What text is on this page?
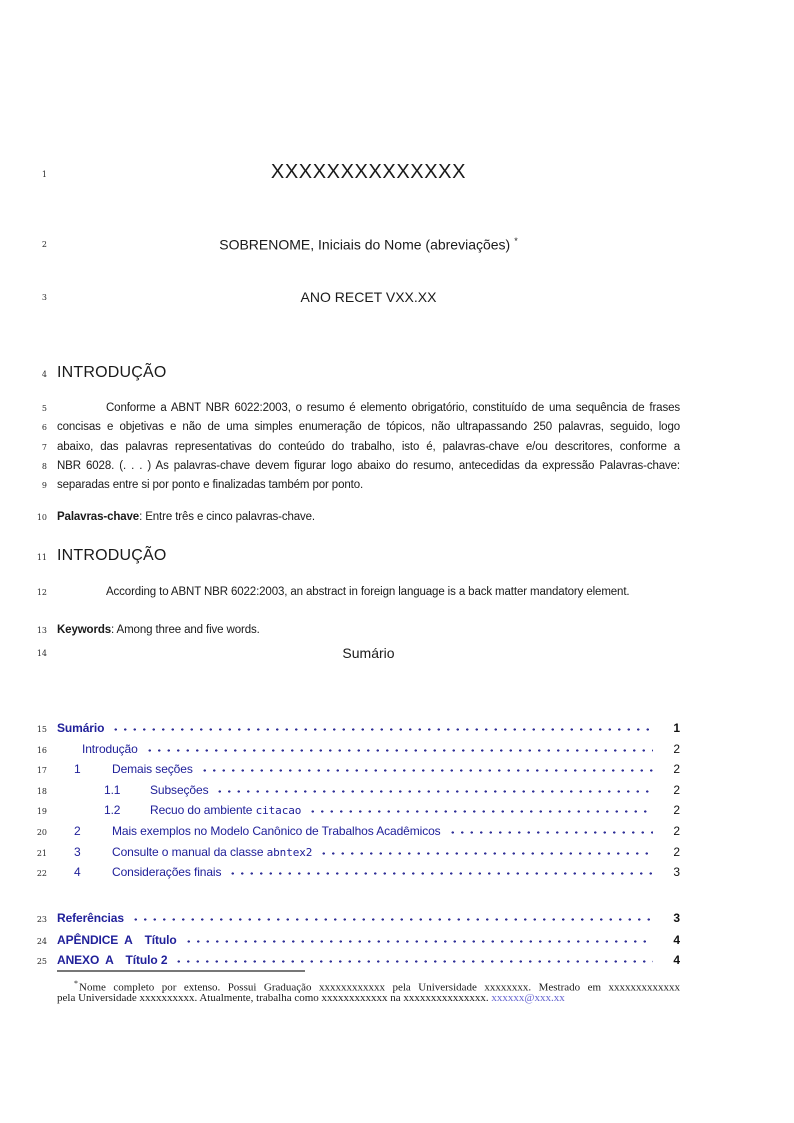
1	XXXXXXXXXXXXXX
2	SOBRENOME, Iniciais do Nome (abreviações) *
3	ANO RECET VXX.XX
4 INTRODUÇÃO
10 Palavras-chave: Entre três e cinco palavras-chave.
11 INTRODUÇÃO
12	According to ABNT NBR 6022:2003, an abstract in foreign language is a back matter mandatory element.
13 Keywords: Among three and five words.
14	Sumário
*Nome completo por extenso. Possui Graduação xxxxxxxxxxxx pela Universidade xxxxxxxx. Mestrado em xxxxxxxxxxxxx
pela Universidade xxxxxxxxxx. Atualmente, trabalha como xxxxxxxxxxxx na xxxxxxxxxxxxxxx. xxxxxx@xxx.xx
5	Conforme a ABNT NBR 6022:2003, o resumo é elemento obrigatório, constituído de uma sequência de frases
6 concisas e objetivas e não de uma simples enumeração de tópicos, não ultrapassando 250 palavras, seguido, logo
7 abaixo, das palavras representativas do conteúdo do trabalho, isto é, palavras-chave e/ou descritores, conforme a
8 NBR 6028. (. . . ) As palavras-chave devem figurar logo abaixo do resumo, antecedidas da expressão Palavras-chave:
9 separadas entre si por ponto e finalizadas também por ponto.
15 Sumário	1
16	Introdução	2
17 1	Demais seções	2
18	1.1	Subseções	2
19	1.2	Recuo do ambiente citacao	2
20 2	Mais exemplos no Modelo Canônico de Trabalhos Acadêmicos	2
21 3	Consulte o manual da classe abntex2	2
22 4	Considerações finais	3
23 Referências	3
24 APÊNDICE A Título	4
25 ANEXO A Título 2	4
